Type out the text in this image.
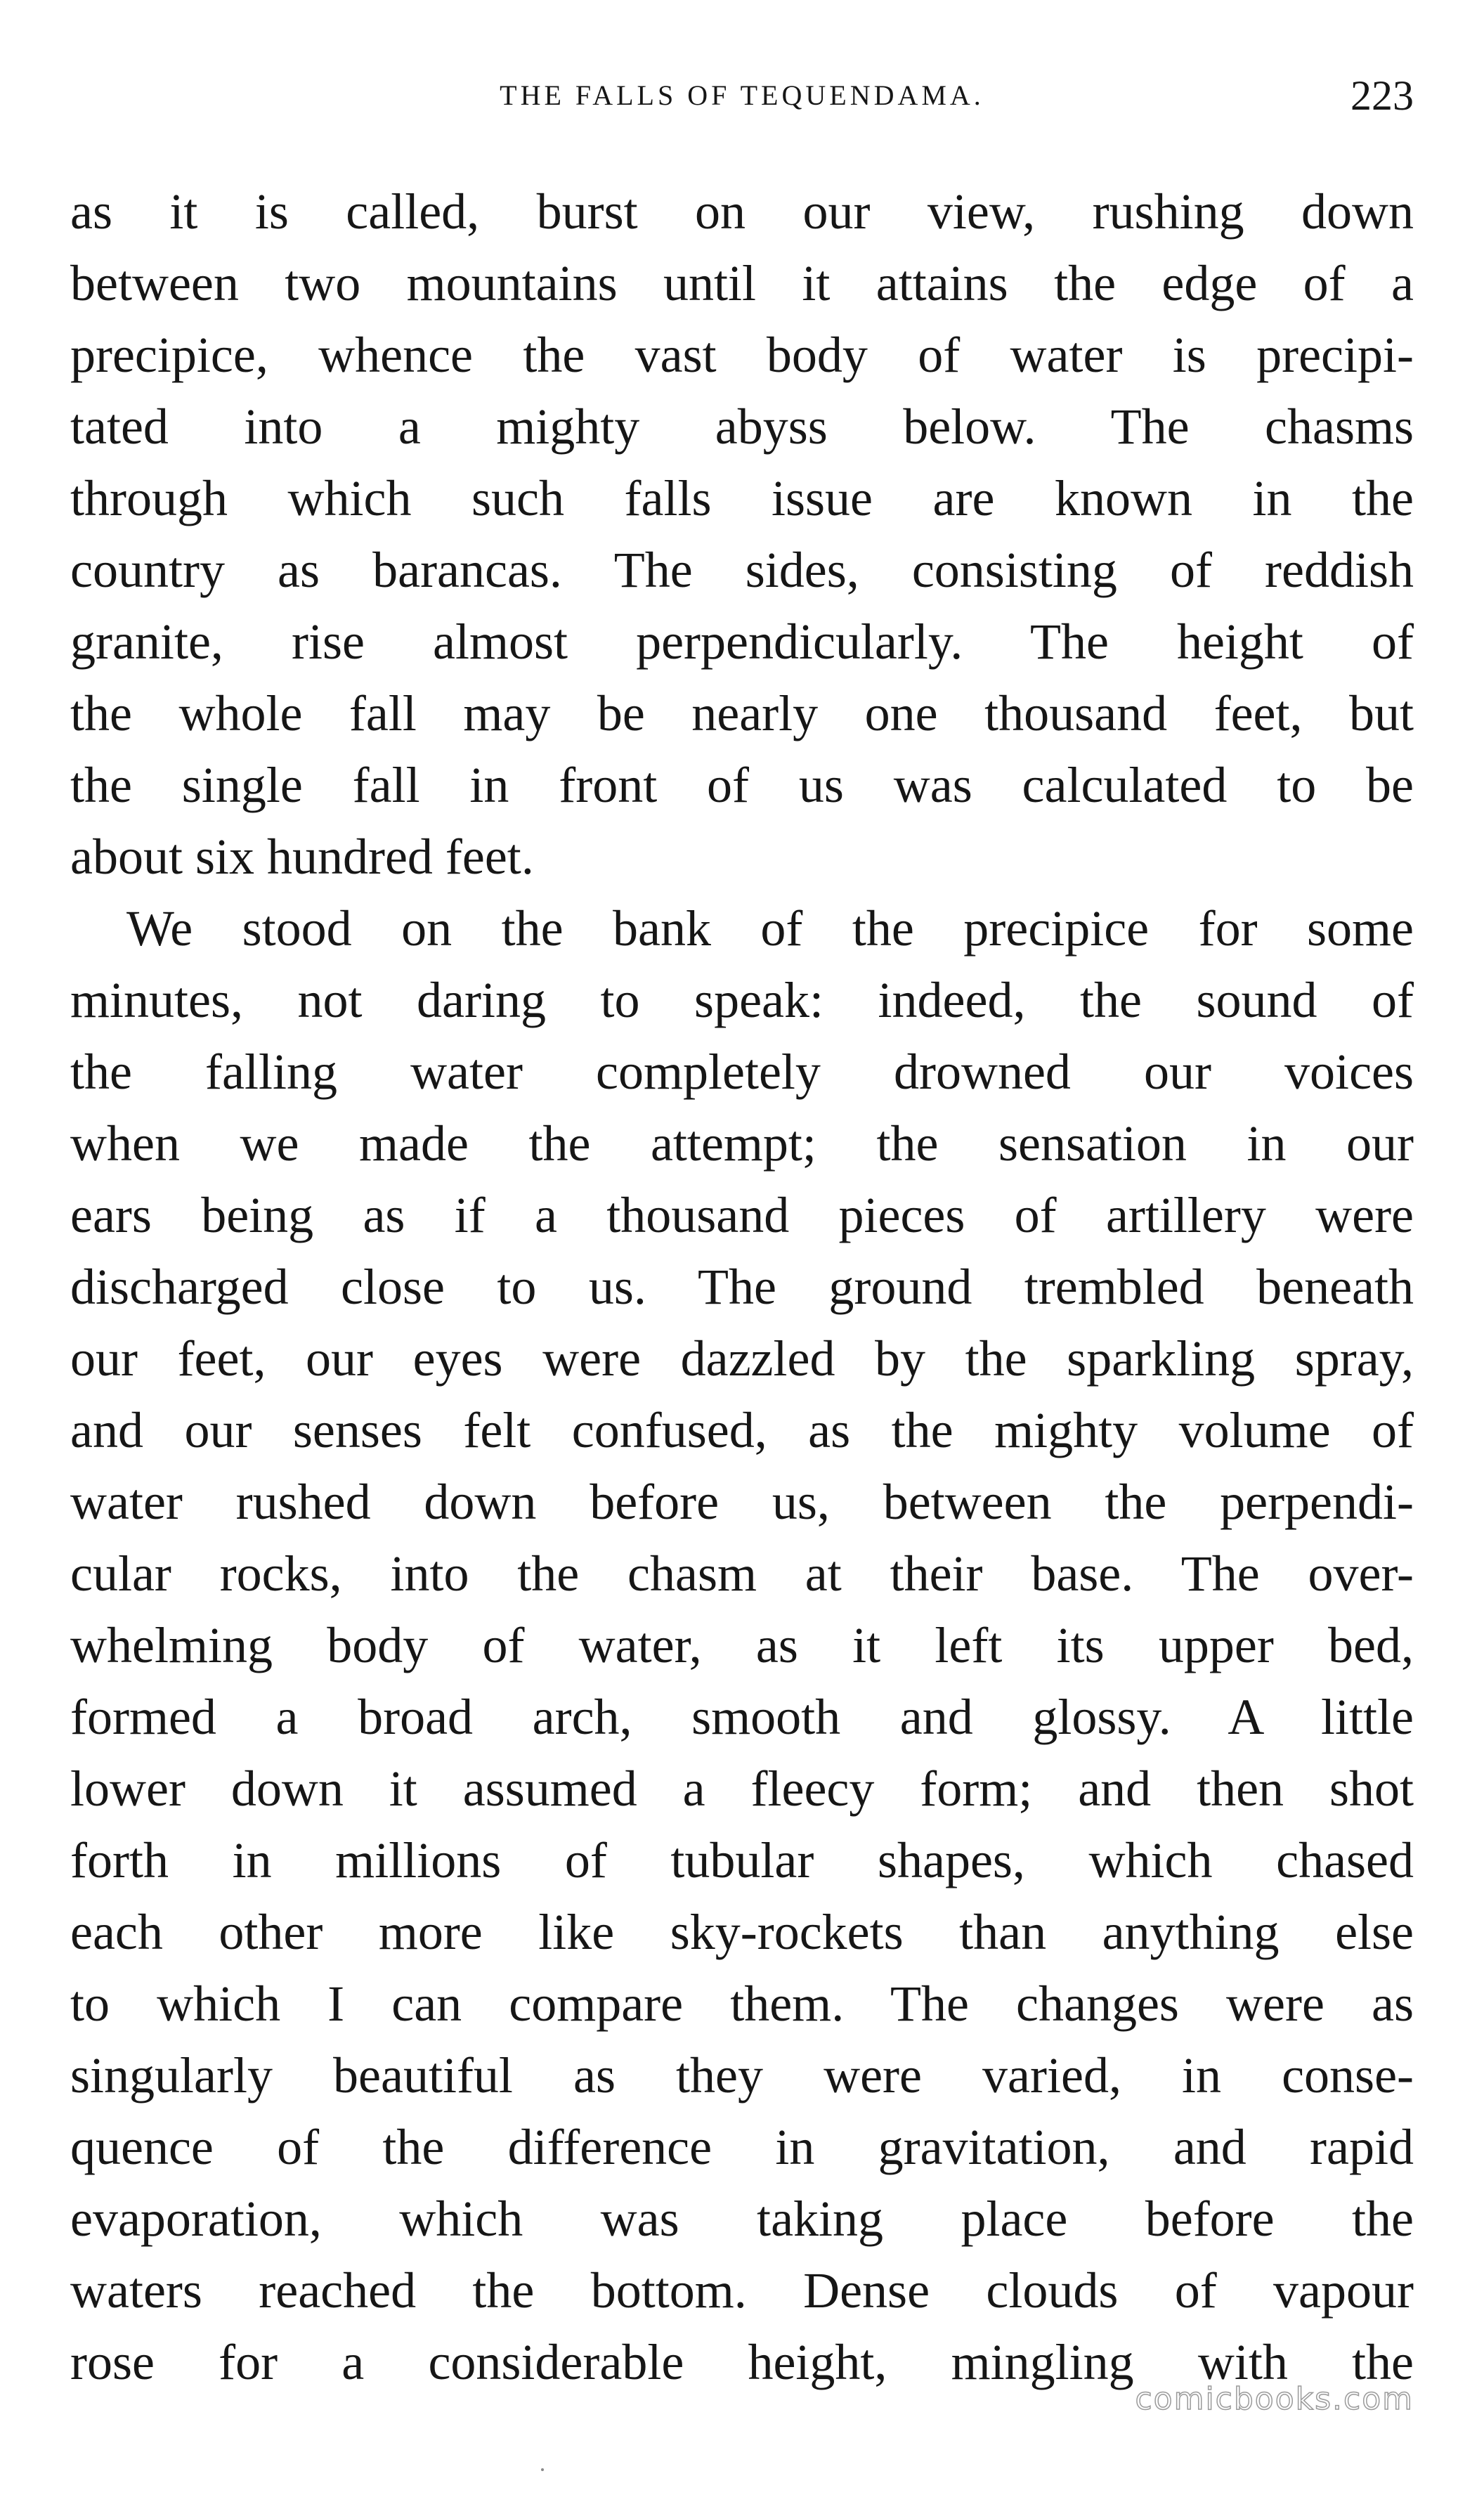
THE FALLS OF TEQUENDAMA.	223
as it is called, burst on our view, rushing down
between two mountains until it attains the edge of a
precipice, whence the vast body of water is precipi-
tated into a mighty abyss below. The chasms
through which such falls issue are known in the
country as barancas. The sides, consisting of reddish
granite, rise almost perpendicularly. The height of
the whole fall may be nearly one thousand feet, but
the single fall in front of us was calculated to be
about six hundred feet.
We stood on the bank of the precipice for some
minutes, not daring to speak: indeed, the sound of
the falling water completely drowned our voices
when we made the attempt; the sensation in our
ears being as if a thousand pieces of artillery were
discharged close to us. The ground trembled beneath
our feet, our eyes were dazzled by the sparkling spray,
and our senses felt confused, as the mighty volume of
water rushed down before us, between the perpendi-
cular rocks, into the chasm at their base. The over-
whelming body of water, as it left its upper bed,
formed a broad arch, smooth and glossy. A little
lower down it assumed a fleecy form; and then shot
forth in millions of tubular shapes, which chased
each other more like sky-rockets than anything else
to which I can compare them. The changes were as
singularly beautiful as they were varied, in conse-
quence of the difference in gravitation, and rapid
evaporation, which was taking place before the
waters reached the bottom. Dense clouds of vapour
rose for a considerable height, mingling with the
comicbooks.com
